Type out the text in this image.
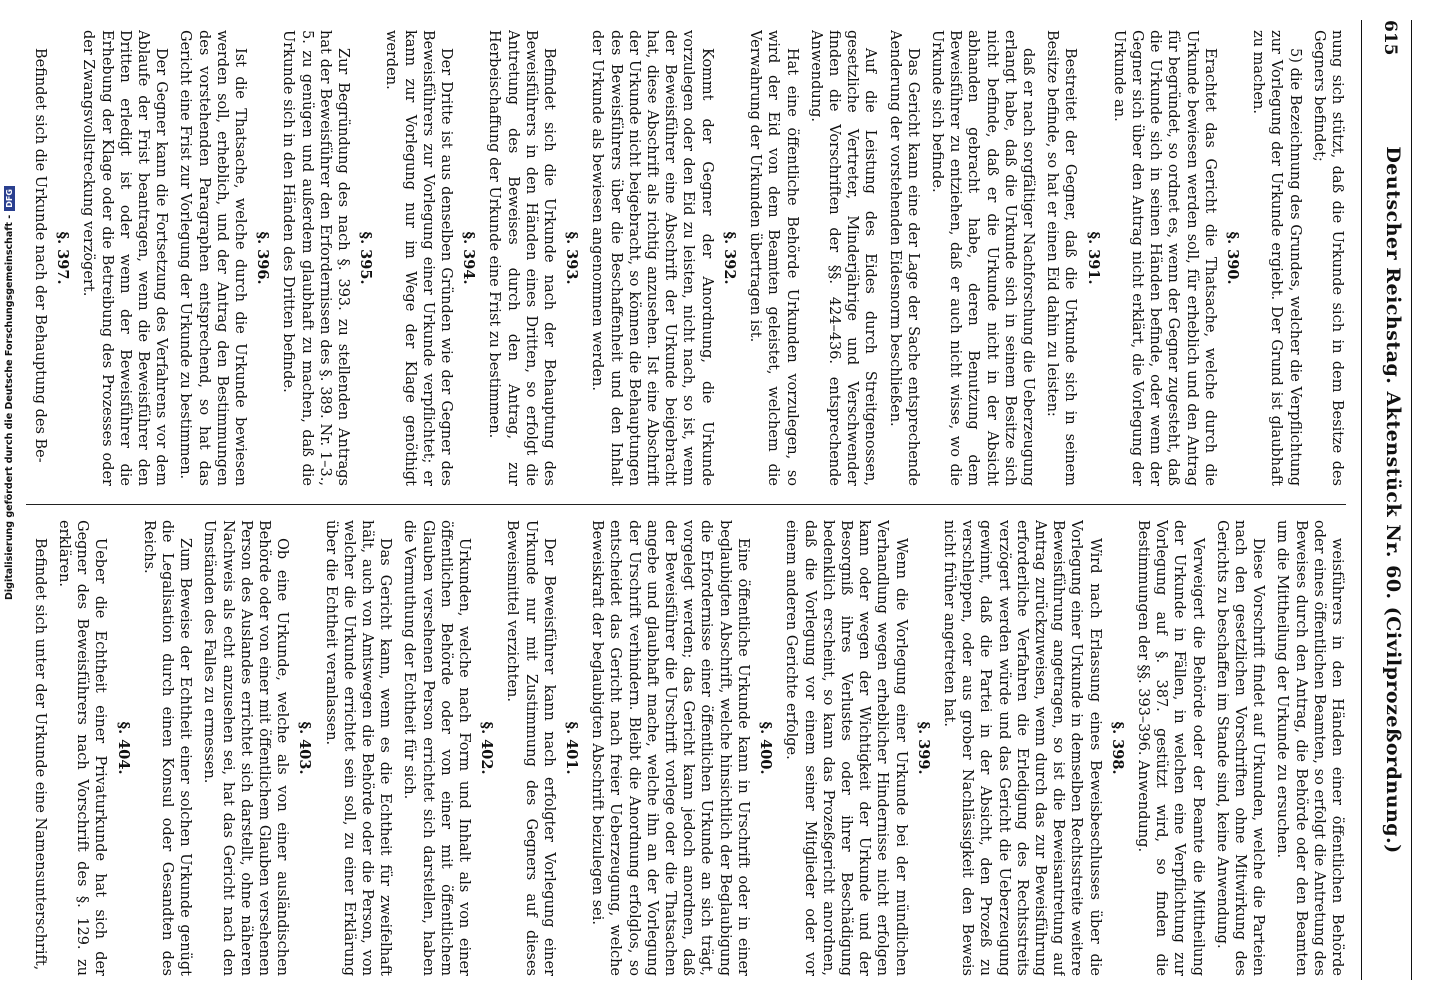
615
Deutscher Reichstag. Aktenstück Nr. 60. (Civilprozeßordnung.)
nung sich stützt, daß die Urkunde sich in dem Besitze des Gegners befindet;
5) die Bezeichnung des Grundes, welcher die Verpflichtung zur Vorlegung der Urkunde ergiebt. Der Grund ist glaubhaft zu machen.
§. 390.
Erachtet das Gericht die Thatsache, welche durch die Urkunde bewiesen werden soll, für erheblich und den Antrag für begründet, so ordnet es, wenn der Gegner zugesteht, daß die Urkunde sich in seinen Händen befinde, oder wenn der Gegner sich über den Antrag nicht erklärt, die Vorlegung der Urkunde an.
§. 391.
Bestreitet der Gegner, daß die Urkunde sich in seinem Besitze befinde, so hat er einen Eid dahin zu leisten:
daß er nach sorgfältiger Nachforschung die Ueberzeugung erlangt habe, daß die Urkunde sich in seinem Besitze sich nicht befinde, daß er die Urkunde nicht in der Absicht abhanden gebracht habe, deren Benutzung dem Beweisführer zu entziehen, daß er auch nicht wisse, wo die Urkunde sich befinde.
Das Gericht kann eine der Lage der Sache entsprechende Aenderung der vorstehenden Eidesnorm beschließen.
Auf die Leistung des Eides durch Streitgenossen, gesetzliche Vertreter, Minderjährige und Verschwender finden die Vorschriften der §§. 424–436. entsprechende Anwendung.
Hat eine öffentliche Behörde Urkunden vorzulegen, so wird der Eid von dem Beamten geleistet, welchem die Verwahrung der Urkunden übertragen ist.
§. 392.
Kommt der Gegner der Anordnung, die Urkunde vorzulegen oder den Eid zu leisten, nicht nach, so ist, wenn der Beweisführer eine Abschrift der Urkunde beigebracht hat, diese Abschrift als richtig anzusehen. Ist eine Abschrift der Urkunde nicht beigebracht, so können die Behauptungen des Beweisführers über die Beschaffenheit und den Inhalt der Urkunde als bewiesen angenommen werden.
§. 393.
Befindet sich die Urkunde nach der Behauptung des Beweisführers in den Händen eines Dritten, so erfolgt die Antretung des Beweises durch den Antrag, zur Herbeischaffung der Urkunde eine Frist zu bestimmen.
§. 394.
Der Dritte ist aus denselben Gründen wie der Gegner des Beweisführers zur Vorlegung einer Urkunde verpflichtet; er kann zur Vorlegung nur im Wege der Klage genöthigt werden.
§. 395.
Zur Begründung des nach §. 393. zu stellenden Antrags hat der Beweisführer den Erfordernissen des §. 389. Nr. 1–3., 5. zu genügen und außerdem glaubhaft zu machen, daß die Urkunde sich in den Händen des Dritten befinde.
§. 396.
Ist die Thatsache, welche durch die Urkunde bewiesen werden soll, erheblich, und der Antrag den Bestimmungen des vorstehenden Paragraphen entsprechend, so hat das Gericht eine Frist zur Vorlegung der Urkunde zu bestimmen.
Der Gegner kann die Fortsetzung des Verfahrens vor dem Ablaufe der Frist beantragen, wenn die Beweisführer den Dritten erledigt ist oder wenn der Beweisführer die Erhebung der Klage oder die Betreibung des Prozesses oder der Zwangsvollstreckung verzögert.
§. 397.
Befindet sich die Urkunde nach der Behauptung des Be-
weisführers in den Händen einer öffentlichen Behörde oder eines öffentlichen Beamten, so erfolgt die Antretung des Beweises durch den Antrag, die Behörde oder den Beamten um die Mittheilung der Urkunde zu ersuchen.
Diese Vorschrift findet auf Urkunden, welche die Parteien nach den gesetzlichen Vorschriften ohne Mitwirkung des Gerichts zu beschaffen im Stande sind, keine Anwendung.
Verweigert die Behörde oder der Beamte die Mittheilung der Urkunde in Fällen, in welchen eine Verpflichtung zur Vorlegung auf §. 387. gestützt wird, so finden die Bestimmungen der §§. 393–396. Anwendung.
§. 398.
Wird nach Erlassung eines Beweisbeschlusses über die Vorlegung einer Urkunde in demselben Rechtsstreite weitere Beweisführung angetragen, so ist die Beweisantretung auf Antrag zurückzuweisen, wenn durch das zur Beweisführung erforderliche Verfahren die Erledigung des Rechtsstreits verzögert werden würde und das Gericht die Ueberzeugung gewinnt, daß die Partei in der Absicht, den Prozeß zu verschleppen, oder aus grober Nachlässigkeit den Beweis nicht früher angetreten hat.
§. 399.
Wenn die Vorlegung einer Urkunde bei der mündlichen Verhandlung wegen erheblicher Hindernisse nicht erfolgen kann oder wegen der Wichtigkeit der Urkunde und der Besorgniß ihres Verlustes oder ihrer Beschädigung bedenklich erscheint, so kann das Prozeßgericht anordnen, daß die Vorlegung vor einem seiner Mitglieder oder vor einem anderen Gerichte erfolge.
§. 400.
Eine öffentliche Urkunde kann in Urschrift oder in einer beglaubigten Abschrift, welche hinsichtlich der Beglaubigung die Erfordernisse einer öffentlichen Urkunde an sich trägt, vorgelegt werden; das Gericht kann jedoch anordnen, daß der Beweisführer die Urschrift vorlege oder die Thatsachen angebe und glaubhaft mache, welche ihn an der Vorlegung der Urschrift verhindern. Bleibt die Anordnung erfolglos, so entscheidet das Gericht nach freier Ueberzeugung, welche Beweiskraft der beglaubigten Abschrift beizulegen sei.
§. 401.
Der Beweisführer kann nach erfolgter Vorlegung einer Urkunde nur mit Zustimmung des Gegners auf dieses Beweismittel verzichten.
§. 402.
Urkunden, welche nach Form und Inhalt als von einer öffentlichen Behörde oder von einer mit öffentlichem Glauben versehenen Person errichtet sich darstellen, haben die Vermuthung der Echtheit für sich.
Das Gericht kann, wenn es die Echtheit für zweifelhaft hält, auch von Amtswegen die Behörde oder die Person, von welcher die Urkunde errichtet sein soll, zu einer Erklärung über die Echtheit veranlassen.
§. 403.
Ob eine Urkunde, welche als von einer ausländischen Behörde oder von einer mit öffentlichem Glauben versehenen Person des Auslandes errichtet sich darstellt, ohne näheren Nachweis als echt anzusehen sei, hat das Gericht nach den Umständen des Falles zu ermessen.
Zum Beweise der Echtheit einer solchen Urkunde genügt die Legalisation durch einen Konsul oder Gesandten des Reichs.
§. 404.
Ueber die Echtheit einer Privaturkunde hat sich der Gegner des Beweisführers nach Vorschrift des §. 129. zu erklären.
Befindet sich unter der Urkunde eine Namensunterschrift,
Digitalisierung gefördert durch die Deutsche Forschungsgemeinschaft -DFG
